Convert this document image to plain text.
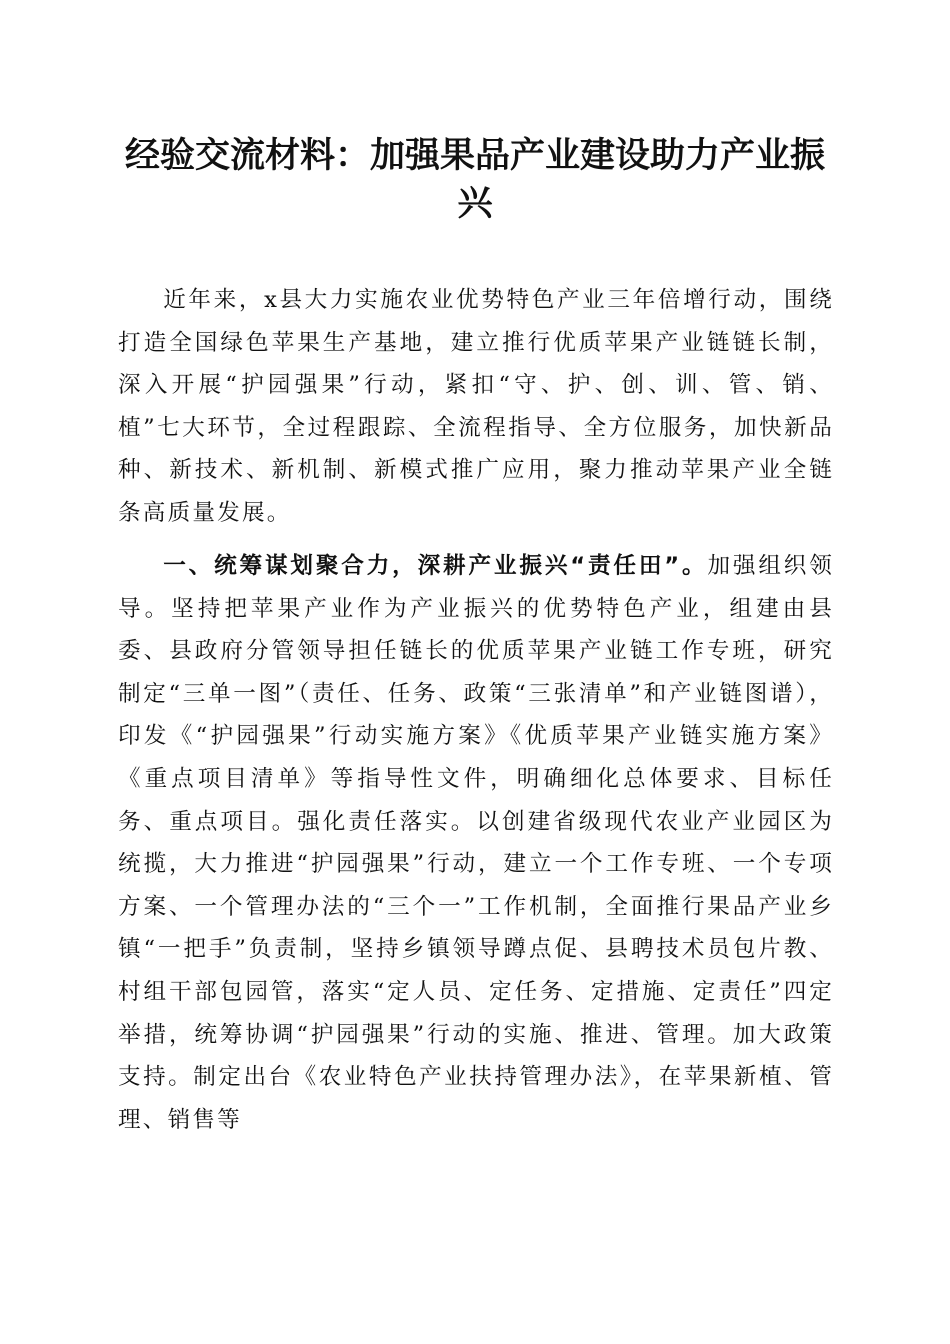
经验交流材料：加强果品产业建设助力产业振兴

近年来，x县大力实施农业优势特色产业三年倍增行动，围绕打造全国绿色苹果生产基地，建立推行优质苹果产业链链长制，深入开展“护园强果”行动，紧扣“守、护、创、训、管、销、植”七大环节，全过程跟踪、全流程指导、全方位服务，加快新品种、新技术、新机制、新模式推广应用，聚力推动苹果产业全链条高质量发展。

一、统筹谋划聚合力，深耕产业振兴“责任田”。加强组织领导。坚持把苹果产业作为产业振兴的优势特色产业，组建由县委、县政府分管领导担任链长的优质苹果产业链工作专班，研究制定“三单一图”（责任、任务、政策“三张清单”和产业链图谱），印发《“护园强果”行动实施方案》《优质苹果产业链实施方案》《重点项目清单》等指导性文件，明确细化总体要求、目标任务、重点项目。强化责任落实。以创建省级现代农业产业园区为统揽，大力推进“护园强果”行动，建立一个工作专班、一个专项方案、一个管理办法的“三个一”工作机制，全面推行果品产业乡镇“一把手”负责制，坚持乡镇领导蹲点促、县聘技术员包片教、村组干部包园管，落实“定人员、定任务、定措施、定责任”四定举措，统筹协调“护园强果”行动的实施、推进、管理。加大政策支持。制定出台《农业特色产业扶持管理办法》，在苹果新植、管理、销售等
